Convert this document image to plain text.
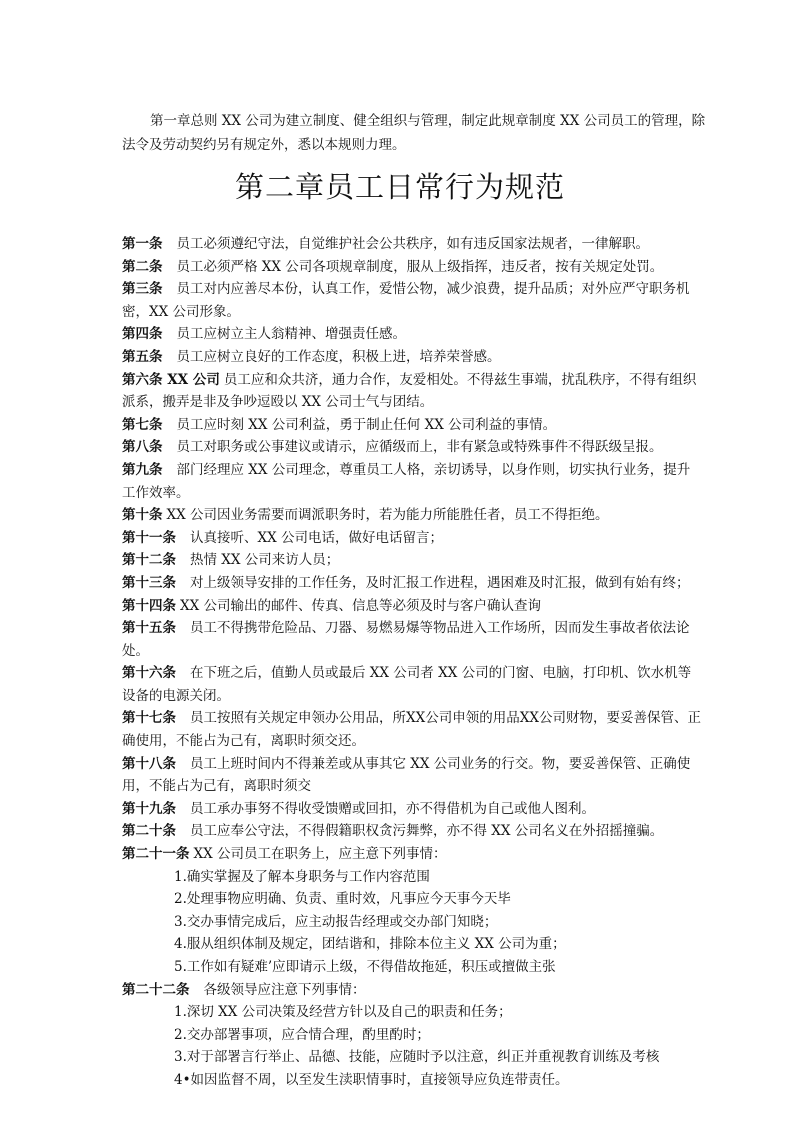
第一章总则 XX 公司为建立制度、健全组织与管理，制定此规章制度 XX 公司员工的管理，除法令及劳动契约另有规定外，悉以本规则力理。

第二章员工日常行为规范

第一条 员工必须遵纪守法，自觉维护社会公共秩序，如有违反国家法规者，一律解职。

第二条 员工必须严格 XX 公司各项规章制度，服从上级指挥，违反者，按有关规定处罚。

第三条 员工对内应善尽本份，认真工作，爱惜公物，减少浪费，提升品质；对外应严守职务机密，XX 公司形象。

第四条 员工应树立主人翁精神、增强责任感。

第五条 员工应树立良好的工作态度，积极上进，培养荣誉感。

第六条 XX 公司 员工应和众共济，通力合作，友爱相处。不得兹生事端，扰乱秩序，不得有组织派系，搬弄是非及争吵逗殴以 XX 公司士气与团结。

第七条 员工应时刻 XX 公司利益，勇于制止任何 XX 公司利益的事情。

第八条 员工对职务或公事建议或请示，应循级而上，非有紧急或特殊事件不得跃级呈报。

第九条 部门经理应 XX 公司理念，尊重员工人格，亲切诱导，以身作则，切实执行业务，提升工作效率。

第十条 XX 公司因业务需要而调派职务时，若为能力所能胜任者，员工不得拒绝。

第十一条 认真接听、XX 公司电话，做好电话留言；

第十二条 热情 XX 公司来访人员；

第十三条 对上级领导安排的工作任务，及时汇报工作进程，遇困难及时汇报，做到有始有终；

第十四条 XX 公司输出的邮件、传真、信息等必须及时与客户确认查询

第十五条 员工不得携带危险品、刀器、易燃易爆等物品进入工作场所，因而发生事故者依法论处。

第十六条 在下班之后，值勤人员或最后 XX 公司者 XX 公司的门窗、电脑，打印机、饮水机等设备的电源关闭。

第十七条 员工按照有关规定申领办公用品，所XX公司申领的用品XX公司财物，要妥善保管、正确使用，不能占为己有，离职时须交还。

第十八条 员工上班时间内不得兼差或从事其它 XX 公司业务的行交。物，要妥善保管、正确使用，不能占为己有，离职时须交

第十九条 员工承办事努不得收受馈赠或回扣，亦不得借机为自己或他人图利。

第二十条 员工应奉公守法，不得假籍职权贪污舞弊，亦不得 XX 公司名义在外招摇撞骗。

第二十一条 XX 公司员工在职务上，应主意下列事情：

1.确实掌握及了解本身职务与工作内容范围

2.处理事物应明确、负责、重时效，凡事应今天事今天毕

3.交办事情完成后，应主动报告经理或交办部门知晓；

4.服从组织体制及规定，团结谐和，排除本位主义 XX 公司为重；

5.工作如有疑难’应即请示上级，不得借故拖延，积压或擅做主张

第二十二条 各级领导应注意下列事情：

1.深切 XX 公司决策及经营方针以及自己的职责和任务；

2.交办部署事项，应合情合理，酌里酌时；

3.对于部署言行举止、品德、技能，应随时予以注意，纠正并重视教育训练及考核

4•如因监督不周，以至发生渎职情事时，直接领导应负连带责任。
